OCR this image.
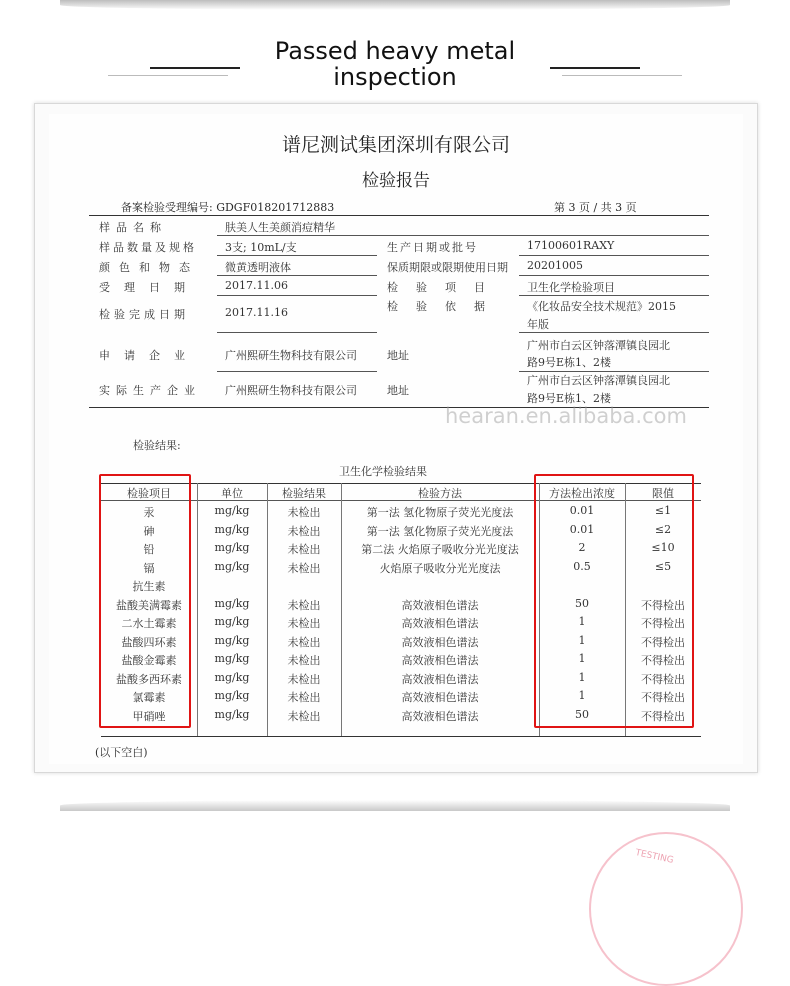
Passed heavy metal
inspection
谱尼测试集团深圳有限公司
检验报告
备案检验受理编号: GDGF018201712883	第 3 页 / 共 3 页
样品名称	肤美人生美颜消痘精华
样品数量及规格	3支; 10mL/支	生产日期或批号	17100601RAXY
颜色和物态 微黄透明液体	保质期限或限期使用日期 20201005
受理日期 2017.11.06	检验项目 卫生化学检验项目
检验完成日期	2017.11.16	检验依据 《化妆品安全技术规范》2015
年版
申请企业 广州熙研生物科技有限公司	地址
广州市白云区钟落潭镇良园北
路9号E栋1、2楼
实际生产企业 广州熙研生物科技有限公司	地址
广州市白云区钟落潭镇良园北
路9号E栋1、2楼
hearan.en.alibaba.com
检验结果:
卫生化学检验结果
检验项目	单位	检验结果	检验方法	方法检出浓度	限值
汞	mg/kg	未检出	第一法 氢化物原子荧光光度法	0.01	≤1
砷	mg/kg	未检出	第一法 氢化物原子荧光光度法	0.01	≤2
铅	mg/kg	未检出	第二法 火焰原子吸收分光光度法	2	≤10
镉	mg/kg	未检出	火焰原子吸收分光光度法	0.5	≤5
抗生素
盐酸美满霉素	mg/kg	未检出	高效液相色谱法	50	不得检出
二水土霉素	mg/kg	未检出	高效液相色谱法	1	不得检出
盐酸四环素	mg/kg	未检出	高效液相色谱法	1	不得检出
盐酸金霉素	mg/kg	未检出	高效液相色谱法	1	不得检出
盐酸多西环素	mg/kg	未检出	高效液相色谱法	1	不得检出
氯霉素	mg/kg	未检出	高效液相色谱法	1	不得检出
甲硝唑	mg/kg	未检出	高效液相色谱法	50	不得检出
(以下空白)
TESTING
